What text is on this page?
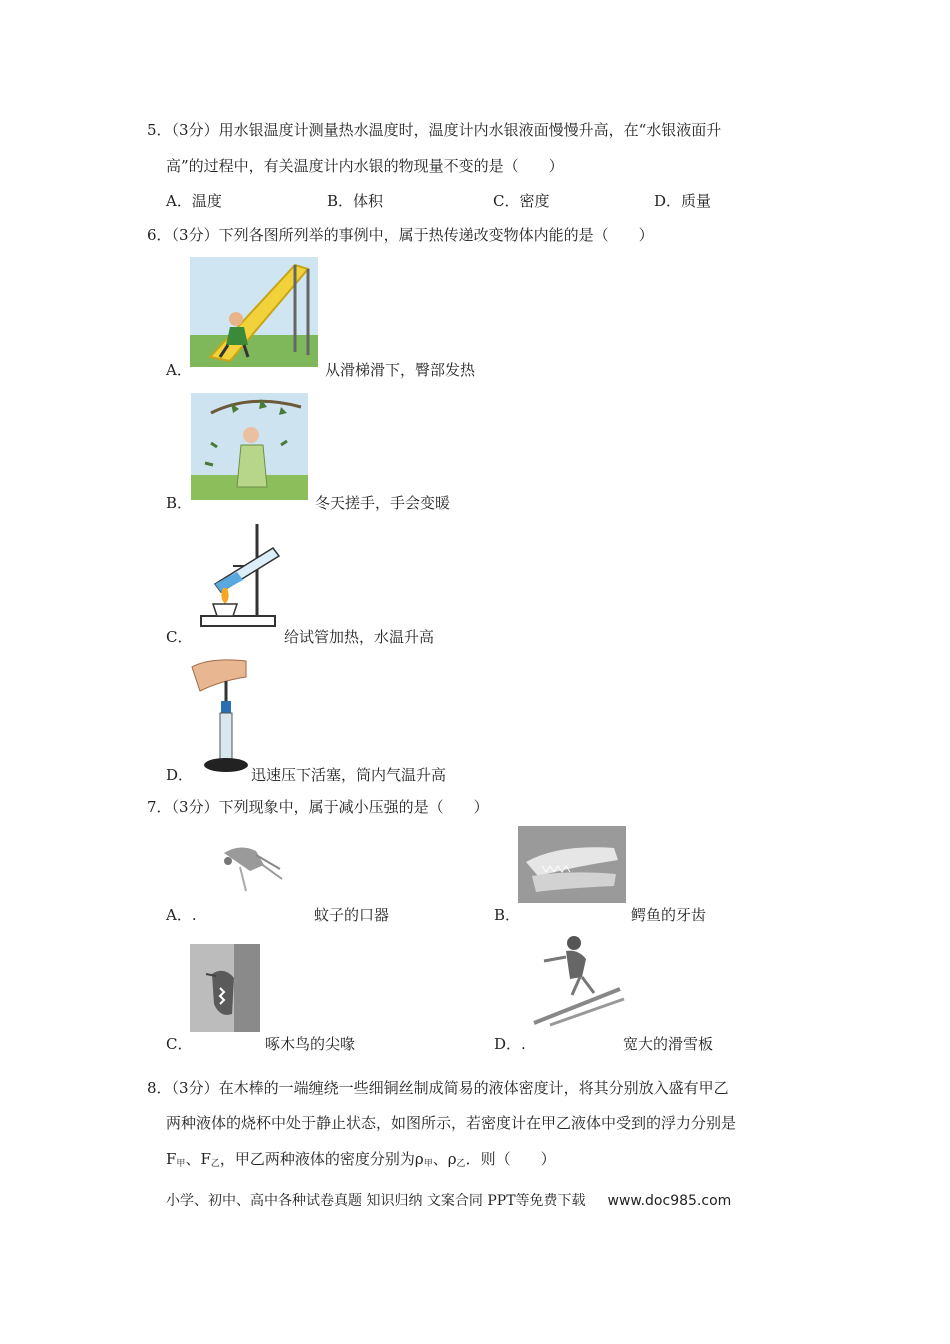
5．（3分）用水银温度计测量热水温度时，温度计内水银液面慢慢升高，在“水银液面升
高”的过程中，有关温度计内水银的物现量不变的是（　　）
A．温度	B．体积	C．密度	D．质量
6．（3分）下列各图所列举的事例中，属于热传递改变物体内能的是（　　）
A．	从滑梯滑下，臀部发热
B．	冬天搓手，手会变暖
C．	给试管加热，水温升高
D．	迅速压下活塞，筒内气温升高
7．（3分）下列现象中，属于减小压强的是（　　）
A．.	蚊子的口器	B．	鳄鱼的牙齿
C．	啄木鸟的尖喙	D．.	宽大的滑雪板
8．（3分）在木棒的一端缠绕一些细铜丝制成简易的液体密度计，将其分别放入盛有甲乙
两种液体的烧杯中处于静止状态，如图所示，若密度计在甲乙液体中受到的浮力分别是
$F_甲$、$F_乙$，甲乙两种液体的密度分别为$\rho_甲$、$\rho_乙$．则（　　）
小学、初中、高中各种试卷真题 知识归纳 文案合同 PPT等免费下载 www.doc985.com
